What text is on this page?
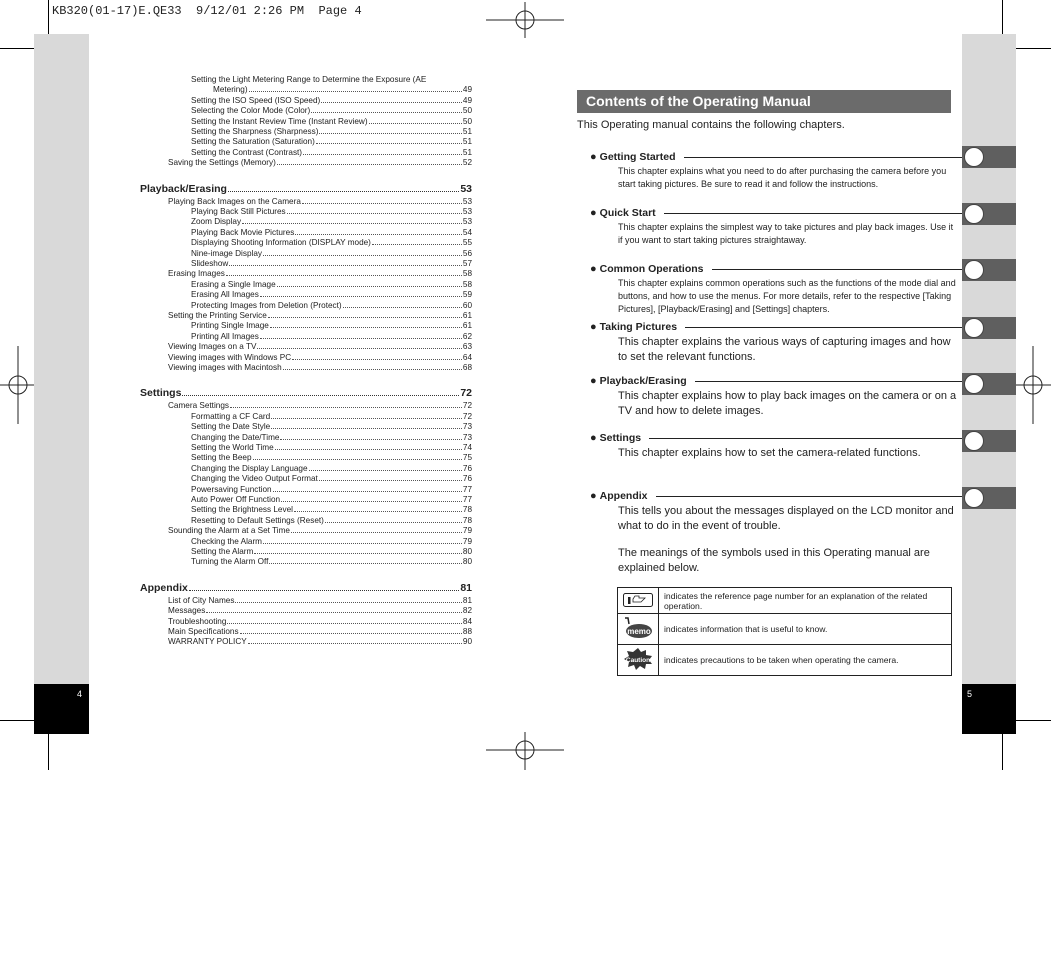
KB320(01-17)E.QE33  9/12/01 2:26 PM  Page 4
4	5
Setting the Light Metering Range to Determine the Exposure (AE
Metering)	49
Setting the ISO Speed (ISO Speed)	49
Selecting the Color Mode (Color)	50
Setting the Instant Review Time (Instant Review)	50
Setting the Sharpness (Sharpness)	51
Setting the Saturation (Saturation)	51
Setting the Contrast (Contrast)	51
Saving the Settings (Memory)	52
Playback/Erasing	53
Playing Back Images on the Camera	53
Playing Back Still Pictures	53
Zoom Display	53
Playing Back Movie Pictures	54
Displaying Shooting Information (DISPLAY mode)	55
Nine-image Display	56
Slideshow	57
Erasing Images	58
Erasing a Single Image	58
Erasing All Images	59
Protecting Images from Deletion (Protect)	60
Setting the Printing Service	61
Printing Single Image	61
Printing All Images	62
Viewing Images on a TV	63
Viewing images with Windows PC	64
Viewing images with Macintosh	68
Settings	72
Camera Settings	72
Formatting a CF Card	72
Setting the Date Style	73
Changing the Date/Time	73
Setting the World Time	74
Setting the Beep	75
Changing the Display Language	76
Changing the Video Output Format	76
Powersaving Function	77
Auto Power Off Function	77
Setting the Brightness Level	78
Resetting to Default Settings (Reset)	78
Sounding the Alarm at a Set Time	79
Checking the Alarm	79
Setting the Alarm	80
Turning the Alarm Off	80
Appendix	81
List of City Names	81
Messages	82
Troubleshooting	84
Main Specifications	88
WARRANTY POLICY	90
Contents of the Operating Manual
This Operating manual contains the following chapters.
● Getting Started
This chapter explains what you need to do after purchasing the camera before you start taking pictures. Be sure to read it and follow the instructions.
● Quick Start
This chapter explains the simplest way to take pictures and play back images. Use it if you want to start taking pictures straightaway.
● Common Operations
This chapter explains common operations such as the functions of the mode dial and buttons, and how to use the menus. For more details, refer to the respective [Taking Pictures], [Playback/Erasing] and [Settings] chapters.
● Taking Pictures
This chapter explains the various ways of capturing images and how to set the relevant functions.
● Playback/Erasing
This chapter explains how to play back images on the camera or on a TV and how to delete images.
● Settings
This chapter explains how to set the camera-related functions.
● Appendix
This tells you about the messages displayed on the LCD monitor and what to do in the event of trouble.
The meanings of the symbols used in this Operating manual are explained below.
	indicates the reference page number for an explanation of the related operation.

memo	indicates information that is useful to know.

Caution	indicates precautions to be taken when operating the camera.
